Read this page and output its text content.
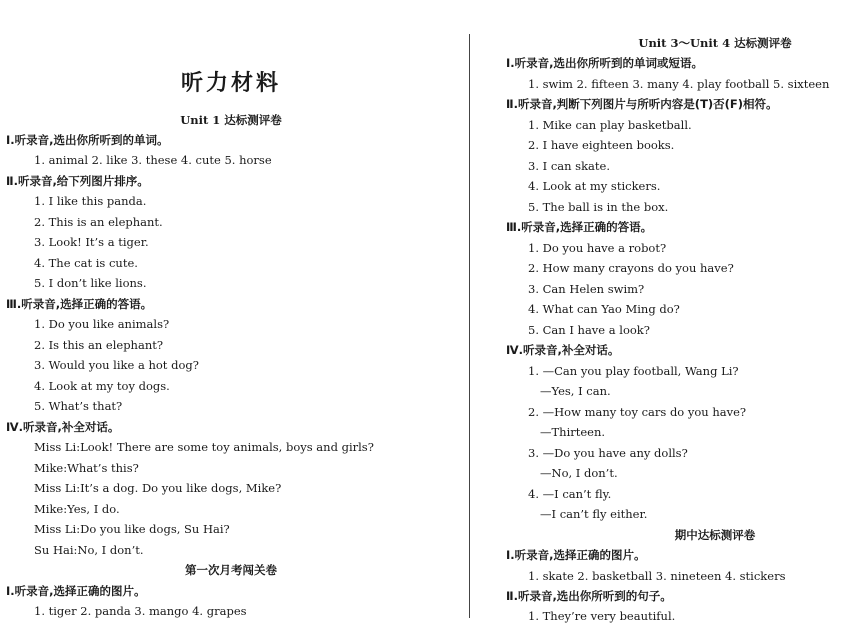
听力材料
Unit 1 达标测评卷
Ⅰ.听录音,选出你所听到的单词。
1. animal 2. like 3. these 4. cute 5. horse
Ⅱ.听录音,给下列图片排序。
1. I like this panda.
2. This is an elephant.
3. Look! It’s a tiger.
4. The cat is cute.
5. I don’t like lions.
Ⅲ.听录音,选择正确的答语。
1. Do you like animals?
2. Is this an elephant?
3. Would you like a hot dog?
4. Look at my toy dogs.
5. What’s that?
Ⅳ.听录音,补全对话。
Miss Li:Look! There are some toy animals, boys and girls?
Mike:What’s this?
Miss Li:It’s a dog. Do you like dogs, Mike?
Mike:Yes, I do.
Miss Li:Do you like dogs, Su Hai?
Su Hai:No, I don’t.
第一次月考闯关卷
Ⅰ.听录音,选择正确的图片。
1. tiger 2. panda 3. mango 4. grapes
Unit 3～Unit 4 达标测评卷
Ⅰ.听录音,选出你所听到的单词或短语。
1. swim 2. fifteen 3. many 4. play football 5. sixteen
Ⅱ.听录音,判断下列图片与所听内容是(T)否(F)相符。
1. Mike can play basketball.
2. I have eighteen books.
3. I can skate.
4. Look at my stickers.
5. The ball is in the box.
Ⅲ.听录音,选择正确的答语。
1. Do you have a robot?
2. How many crayons do you have?
3. Can Helen swim?
4. What can Yao Ming do?
5. Can I have a look?
Ⅳ.听录音,补全对话。
1. —Can you play football, Wang Li?
—Yes, I can.
2. —How many toy cars do you have?
—Thirteen.
3. —Do you have any dolls?
—No, I don’t.
4. —I can’t fly.
—I can’t fly either.
期中达标测评卷
Ⅰ.听录音,选择正确的图片。
1. skate 2. basketball 3. nineteen 4. stickers
Ⅱ.听录音,选出你所听到的句子。
1. They’re very beautiful.
